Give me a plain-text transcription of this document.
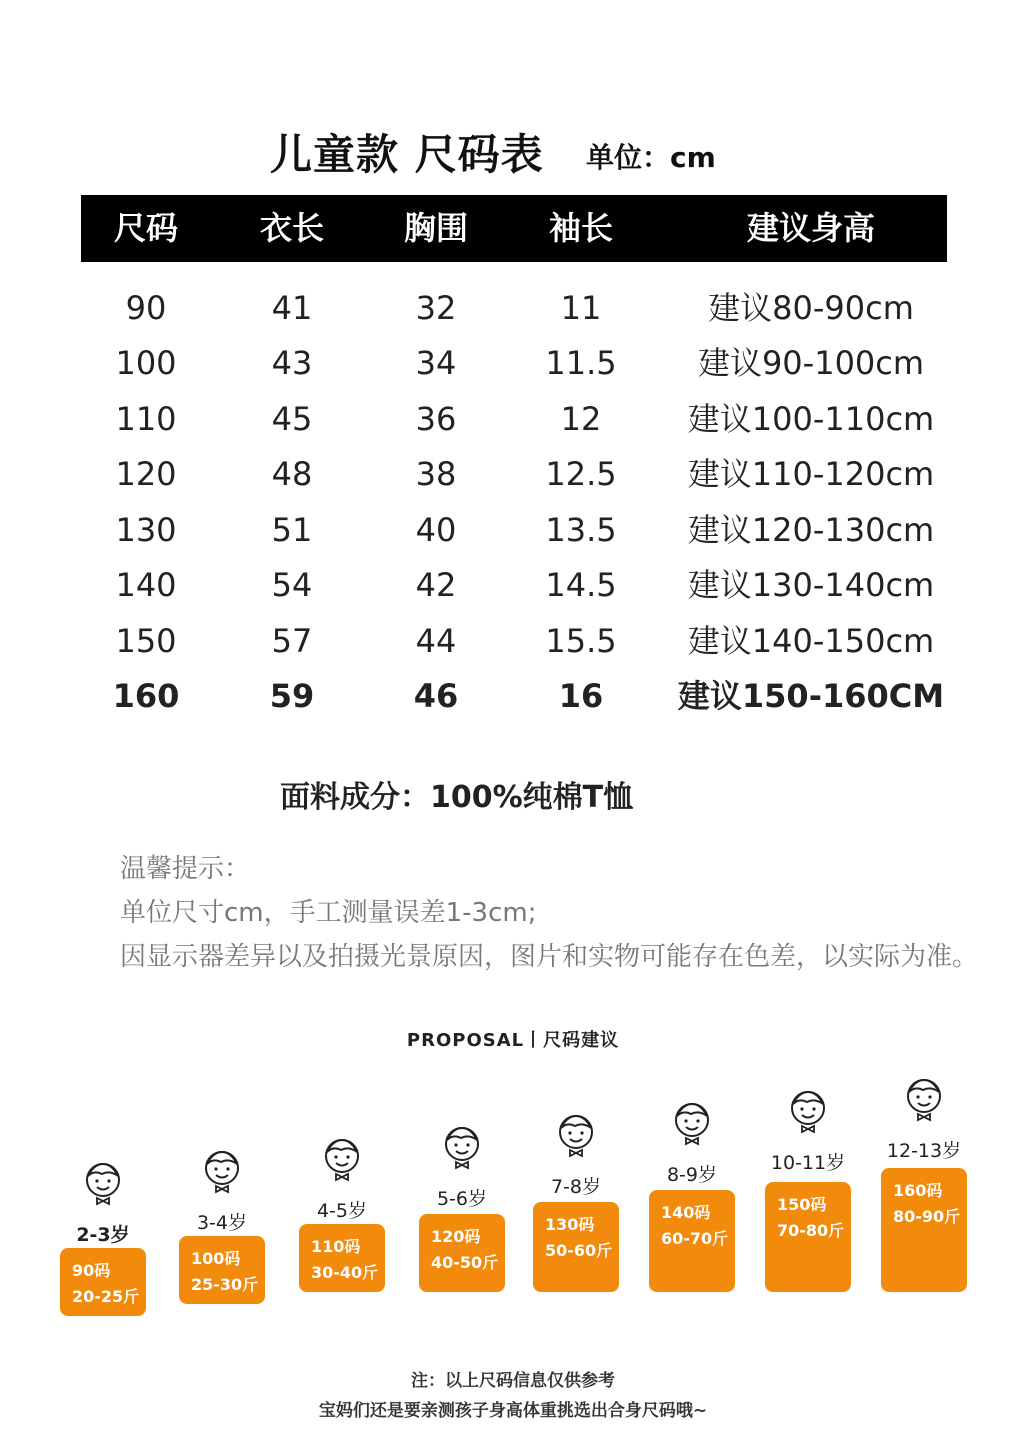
儿童款 尺码表 单位：cm
尺码	衣长	胸围	袖长	建议身高
90	41	32	11	建议80-90cm
100	43	34	11.5	建议90-100cm
110	45	36	12	建议100-110cm
120	48	38	12.5	建议110-120cm
130	51	40	13.5	建议120-130cm
140	54	42	14.5	建议130-140cm
150	57	44	15.5	建议140-150cm
160	59	46	16	建议150-160CM
面料成分：100%纯棉T恤
温馨提示：
单位尺寸cm，手工测量误差1-3cm;
因显示器差异以及拍摄光景原因，图片和实物可能存在色差，以实际为准。
PROPOSAL丨尺码建议
2-3岁
90码
20-25斤
3-4岁
100码
25-30斤
4-5岁
110码
30-40斤
5-6岁
120码
40-50斤
7-8岁
130码
50-60斤
8-9岁
140码
60-70斤
10-11岁
150码
70-80斤
12-13岁
160码
80-90斤
注：以上尺码信息仅供参考
宝妈们还是要亲测孩子身高体重挑选出合身尺码哦~
